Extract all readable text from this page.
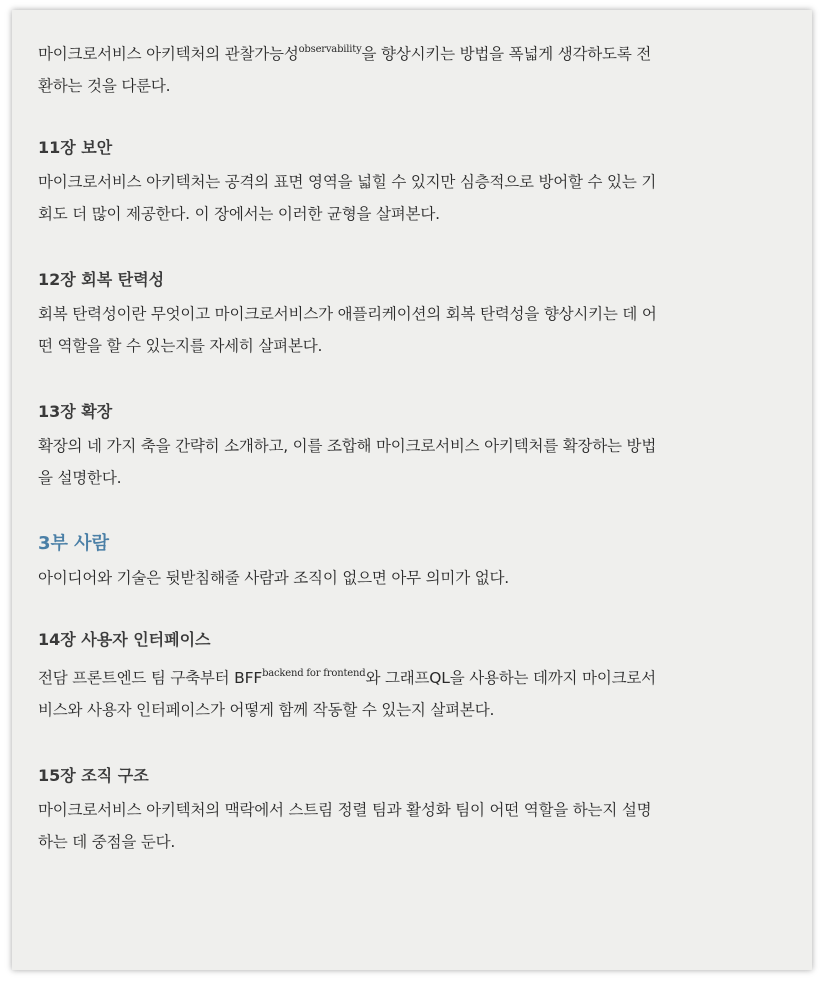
마이크로서비스 아키텍처의 관찰가능성$^{observability}$을 향상시키는 방법을 폭넓게 생각하도록 전
환하는 것을 다룬다.

11장 보안

마이크로서비스 아키텍처는 공격의 표면 영역을 넓힐 수 있지만 심층적으로 방어할 수 있는 기
회도 더 많이 제공한다. 이 장에서는 이러한 균형을 살펴본다.

12장 회복 탄력성

회복 탄력성이란 무엇이고 마이크로서비스가 애플리케이션의 회복 탄력성을 향상시키는 데 어
떤 역할을 할 수 있는지를 자세히 살펴본다.

13장 확장

확장의 네 가지 축을 간략히 소개하고, 이를 조합해 마이크로서비스 아키텍처를 확장하는 방법
을 설명한다.

3부 사람

아이디어와 기술은 뒷받침해줄 사람과 조직이 없으면 아무 의미가 없다.

14장 사용자 인터페이스

전담 프론트엔드 팀 구축부터 $BFF^{backend for frontend}$와 그래프QL을 사용하는 데까지 마이크로서
비스와 사용자 인터페이스가 어떻게 함께 작동할 수 있는지 살펴본다.

15장 조직 구조

마이크로서비스 아키텍처의 맥락에서 스트림 정렬 팀과 활성화 팀이 어떤 역할을 하는지 설명
하는 데 중점을 둔다.
